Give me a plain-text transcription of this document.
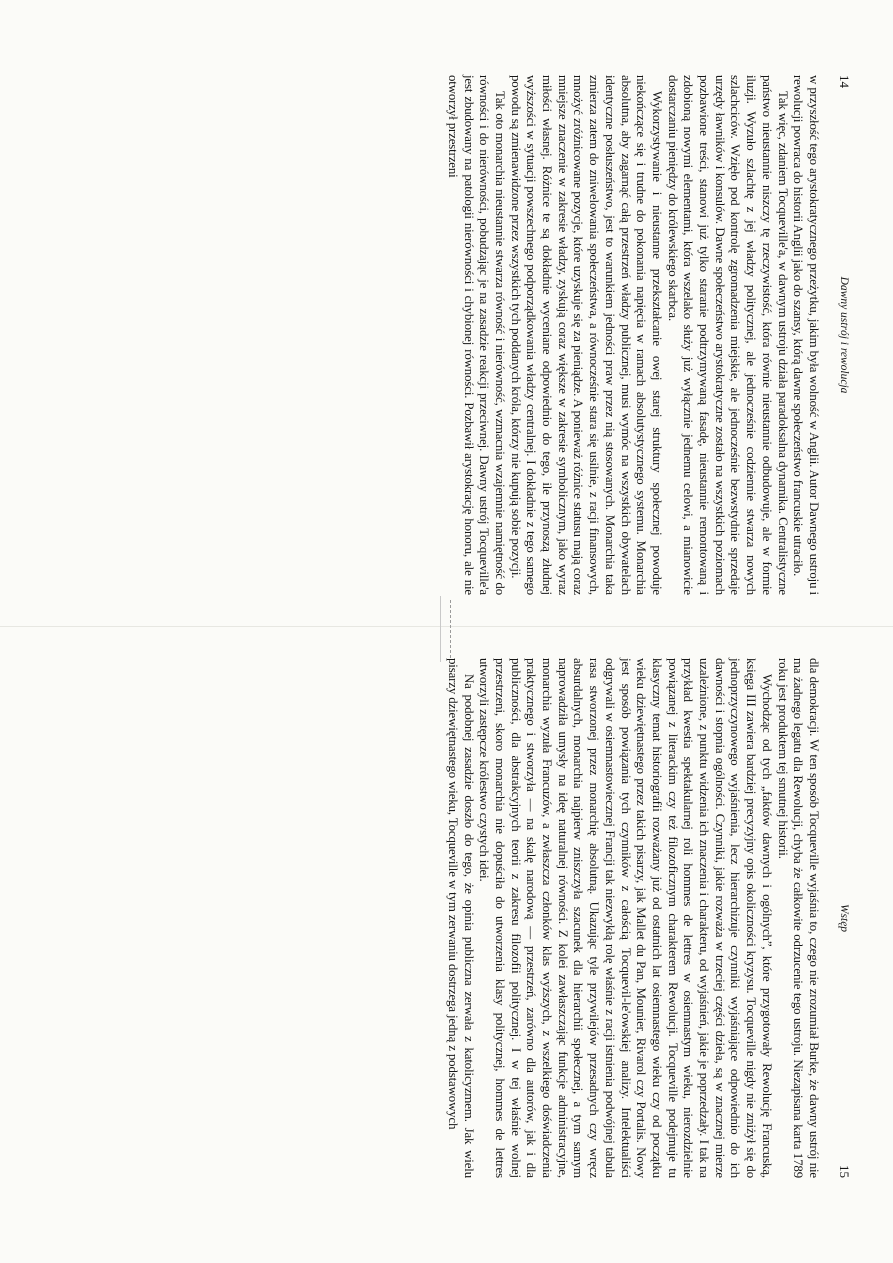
14
Dawny ustrój i rewolucja

w przyszłość tego arystokratycznego przeżytku, jakim była wolność w Anglii. Autor Dawnego ustroju i rewolucji powraca do historii Anglii jako do szansy, którą dawne społeczeństwo francuskie utraciło.

Tak więc, zdaniem Tocqueville'a, w dawnym ustroju działa paradoksalna dynamika. Centralistyczne państwo nieustannie niszczy tę rzeczywistość, która równie nieustannie odbudowuje, ale w formie iluzji. Wyzuło szlachtę z jej władzy politycznej, ale jednocześnie codziennie stwarza nowych szlachciców. Wzięło pod kontrolę zgromadzenia miejskie, ale jednocześnie bezwstydnie sprzedaje urzędy ławników i konsulów. Dawne społeczeństwo arystokratyczne zostało na wszystkich poziomach pozbawione treści, stanowi już tylko staranie podtrzymywaną fasadę, nieustannie remontowaną i zdobioną nowymi elementami, która wszelako służy już wyłącznie jednemu celowi, a mianowicie dostarczaniu pieniędzy do królewskiego skarbca.

Wykorzystywanie i nieustanne przekształcanie owej starej struktury społecznej powoduje niekończące się i trudne do pokonania napięcia w ramach absolutystycznego systemu. Monarchia absolutna, aby zagarnąć całą przestrzeń władzy publicznej, musi wymóc na wszystkich obywatelach identyczne posłuszeństwo, jest to warunkiem jedności praw przez nią stosowanych. Monarchia taka zmierza zatem do zniwelowania społeczeństwa, a równocześnie stara się usilnie, z racji finansowych, mnożyć zróżnicowane pozycje, które uzyskuje się za pieniądze. A ponieważ różnice statusu mają coraz mniejsze znaczenie w zakresie władzy, zyskują coraz większe w zakresie symbolicznym, jako wyraz miłości własnej. Różnice te są dokładnie wyceniane odpowiednio do tego, ile przynoszą złudnej wyższości w sytuacji powszechnego podporządkowania władzy centralnej. I dokładnie z tego samego powodu są zmienawidzone przez wszystkich tych poddanych króla, którzy nie kupują sobie pozycji.

Tak oto monarchia nieustannie stwarza równość i nierówność, wzmacnia wzajemnie namiętność do równości i do nierówności, pobudzając je na zasadzie reakcji przeciwnej. Dawny ustrój Tocqueville'a jest zbudowany na patologii nierówności i chybionej równości. Pozbawił arystokrację honoru, ale nie otworzył przestrzeni

Wstęp
15

dla demokracji. W ten sposób Tocqueville wyjaśnia to, czego nie zrozumiał Burke, że dawny ustrój nie ma żadnego legatu dla Rewolucji, chyba że całkowite odrzucenie tego ustroju. Niezapisana karta 1789 roku jest produktem tej smutnej historii.

Wychodząc od tych „faktów dawnych i ogólnych”, które przygotowały Rewolucję Francuską, księga III zawiera bardziej precyzyjny opis okoliczności kryzysu. Tocqueville nigdy nie zniżył się do jednoprzyczynowego wyjaśnienia, lecz hierarchizuje czynniki wyjaśniające odpowiednio do ich dawności i stopnia ogólności. Czynniki, jakie rozważa w trzeciej części dzieła, są w znacznej mierze uzależnione, z punktu widzenia ich znaczenia i charakteru, od wyjaśnień, jakie je poprzedzały. I tak na przykład kwestia spektakularnej roli hommes de lettres w osiemnastym wieku, nierozdzielnie powiązanej z literackim czy też filozoficznym charakterem Rewolucji. Tocqueville podejmuje tu klasyczny temat historiografii rozważany już od ostatnich lat osiemnastego wieku czy od początku wieku dziewiętnastego przez takich pisarzy, jak Mallet du Pan, Mounier, Rivarol czy Portalis. Nowy jest sposób powiązania tych czynników z całością Tocquevil-le'owskiej analizy. Intelektualiści odgrywali w osiemnastowiecznej Francji tak niezwykłą rolę właśnie z racji istnienia podwójnej tabula rasa stworzonej przez monarchię absolutną. Ukazując tyle przywilejów przesadnych czy wręcz absurdalnych, monarchia najpierw zniszczyła szacunek dla hierarchii społecznej, a tym samym naprowadziła umysły na ideę naturalnej równości. Z kolei zawłaszczając funkcje administracyjne, monarchia wyzuła Francuzów, a zwłaszcza członków klas wyższych, z wszelkiego doświadczenia praktycznego i stworzyła — na skalę narodową — przestrzeń, zarówno dla autorów, jak i dla publiczności, dla abstrakcyjnych teorii z zakresu filozofii politycznej. I w tej właśnie wolnej przestrzeni, skoro monarchia nie dopuściła do utworzenia klasy politycznej, hommes de lettres utworzyli zastępcze królestwo czystych idei.

Na podobnej zasadzie doszło do tego, że opinia publiczna zerwała z katolicyzmem. Jak wielu pisarzy dziewiętnastego wieku, Tocqueville w tym zerwaniu dostrzega jedną z podstawowych
